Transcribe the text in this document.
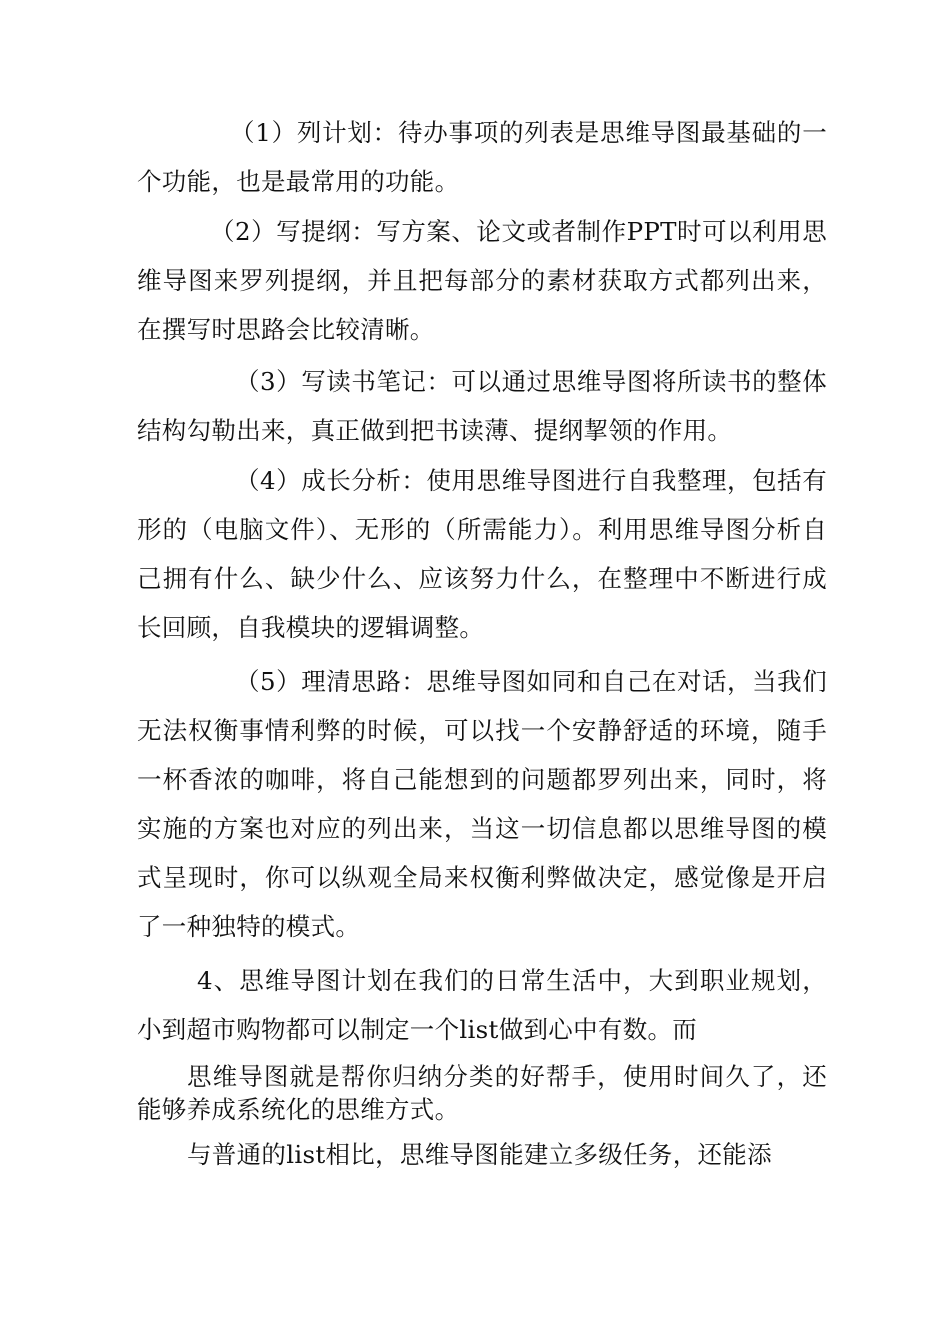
（1）列计划：待办事项的列表是思维导图最基础的一个功能，也是最常用的功能。

（2）写提纲：写方案、论文或者制作PPT时可以利用思维导图来罗列提纲，并且把每部分的素材获取方式都列出来，在撰写时思路会比较清晰。

（3）写读书笔记：可以通过思维导图将所读书的整体结构勾勒出来，真正做到把书读薄、提纲挈领的作用。

（4）成长分析：使用思维导图进行自我整理，包括有形的（电脑文件）、无形的（所需能力）。利用思维导图分析自己拥有什么、缺少什么、应该努力什么，在整理中不断进行成长回顾，自我模块的逻辑调整。

（5）理清思路：思维导图如同和自己在对话，当我们无法权衡事情利弊的时候，可以找一个安静舒适的环境，随手一杯香浓的咖啡，将自己能想到的问题都罗列出来，同时，将实施的方案也对应的列出来，当这一切信息都以思维导图的模式呈现时，你可以纵观全局来权衡利弊做决定，感觉像是开启了一种独特的模式。

4、思维导图计划在我们的日常生活中，大到职业规划，小到超市购物都可以制定一个list做到心中有数。而

思维导图就是帮你归纳分类的好帮手，使用时间久了，还能够养成系统化的思维方式。

与普通的list相比，思维导图能建立多级任务，还能添
